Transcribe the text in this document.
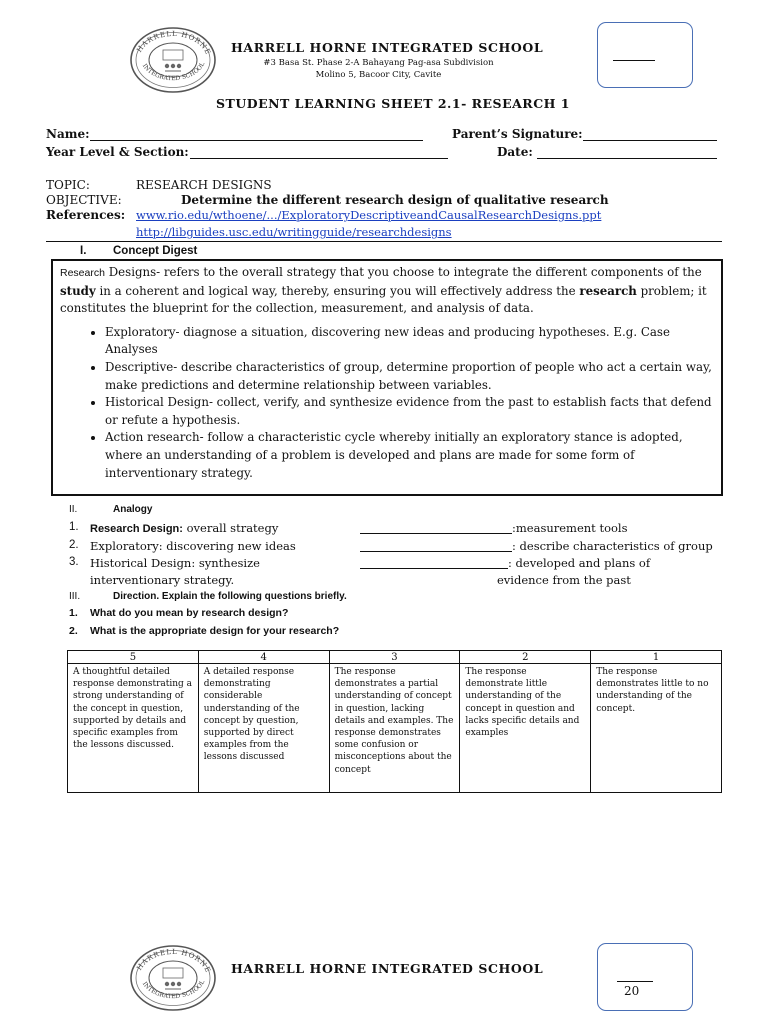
HARRELL HORNE
INTEGRATED SCHOOL
HARRELL HORNE INTEGRATED SCHOOL
#3 Basa St. Phase 2-A Bahayang Pag-asa Subdivision
Molino 5, Bacoor City, Cavite
STUDENT LEARNING SHEET 2.1- RESEARCH 1
Name:	Parent’s Signature:
Year Level & Section:	Date:
TOPIC:	RESEARCH DESIGNS
OBJECTIVE:	Determine the different research design of qualitative research
References: www.rio.edu/wthoene/.../ExploratoryDescriptiveandCausalResearchDesigns.ppt
http://libguides.usc.edu/writingguide/researchdesigns
I. Concept Digest

Research Designs- refers to the overall strategy that you choose to integrate the different components of the study in a coherent and logical way, thereby, ensuring you will effectively address the research problem; it constitutes the blueprint for the collection, measurement, and analysis of data.

• Exploratory- diagnose a situation, discovering new ideas and producing hypotheses. E.g. Case Analyses
• Descriptive- describe characteristics of group, determine proportion of people who act a certain way, make predictions and determine relationship between variables.
• Historical Design- collect, verify, and synthesize evidence from the past to establish facts that defend or refute a hypothesis.
• Action research- follow a characteristic cycle whereby initially an exploratory stance is adopted, where an understanding of a problem is developed and plans are made for some form of interventionary strategy.
II.	Analogy
1. Research Design: overall strategy	:measurement tools
2. Exploratory: discovering new ideas	: describe characteristics of group
3. Historical Design: synthesize	: developed and plans of
interventionary strategy.	evidence from the past
III.	Direction. Explain the following questions briefly.
1. What do you mean by research design?
2. What is the appropriate design for your research?
5	4	3	2	1
A thoughtful detailed response demonstrating a strong understanding of the concept in question, supported by details and specific examples from the lessons discussed.	A detailed response demonstrating considerable understanding of the concept by question, supported by direct examples from the lessons discussed	The response demonstrates a partial understanding of concept in question, lacking details and examples. The response demonstrates some confusion or misconceptions about the concept	The response demonstrate little understanding of the concept in question and lacks specific details and examples	The response demonstrates little to no understanding of the concept.
HARRELL HORNE
INTEGRATED SCHOOL
HARRELL HORNE INTEGRATED SCHOOL
20
